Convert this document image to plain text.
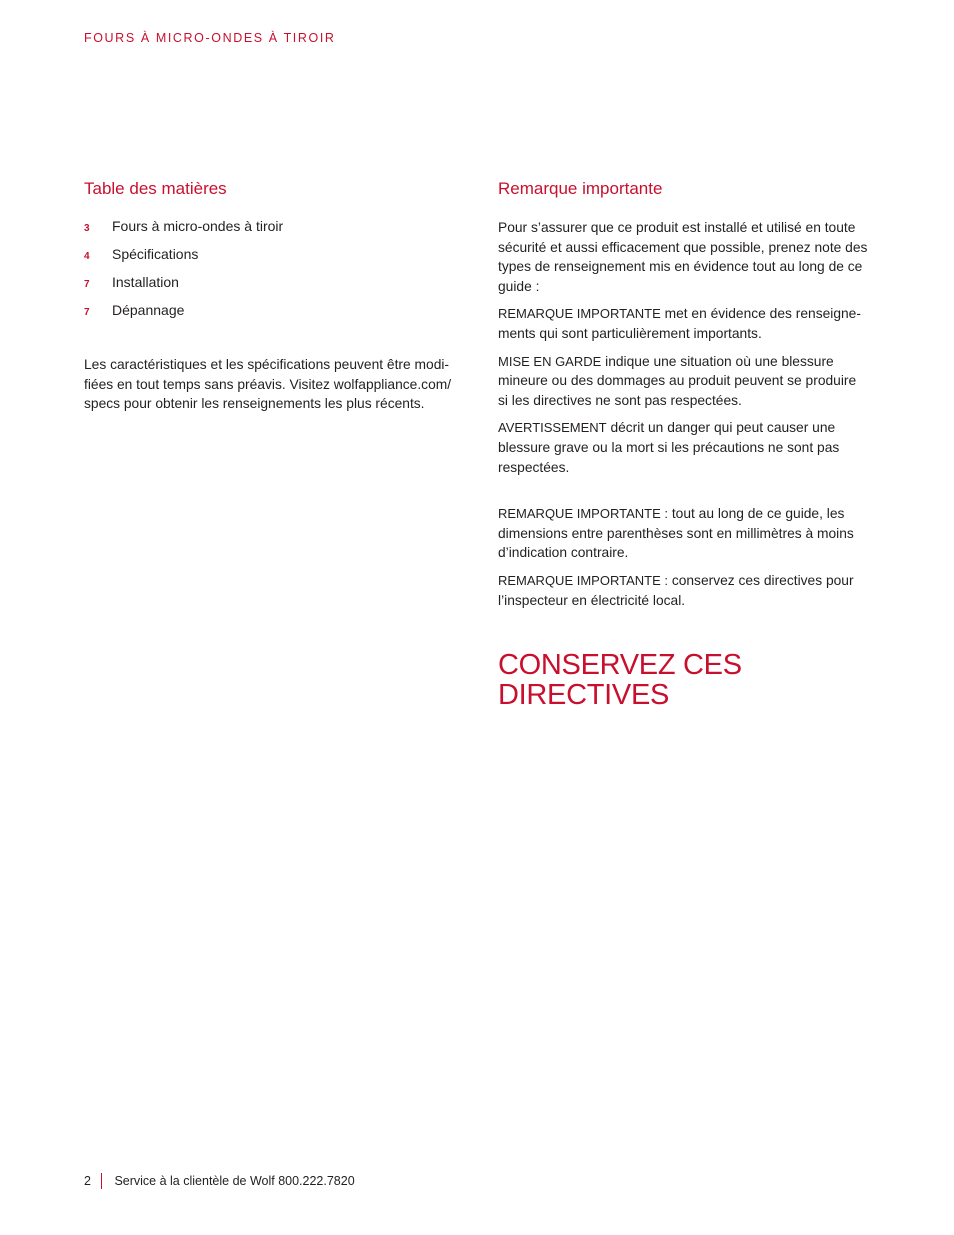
FOURS À MICRO-ONDES À TIROIR
Table des matières
3	Fours à micro-ondes à tiroir
4	Spécifications
7	Installation
7	Dépannage

Les caractéristiques et les spécifications peuvent être modi-
fiées en tout temps sans préavis. Visitez wolfappliance.com/
specs pour obtenir les renseignements les plus récents.

Remarque importante

Pour s’assurer que ce produit est installé et utilisé en toute
sécurité et aussi efficacement que possible, prenez note des
types de renseignement mis en évidence tout au long de ce
guide :

REMARQUE IMPORTANTE met en évidence des renseigne-
ments qui sont particulièrement importants.

MISE EN GARDE indique une situation où une blessure
mineure ou des dommages au produit peuvent se produire
si les directives ne sont pas respectées.

AVERTISSEMENT décrit un danger qui peut causer une
blessure grave ou la mort si les précautions ne sont pas
respectées.

REMARQUE IMPORTANTE : tout au long de ce guide, les
dimensions entre parenthèses sont en millimètres à moins
d’indication contraire.

REMARQUE IMPORTANTE : conservez ces directives pour
l’inspecteur en électricité local.

CONSERVEZ CES
DIRECTIVES
2 Service à la clientèle de Wolf 800.222.7820
